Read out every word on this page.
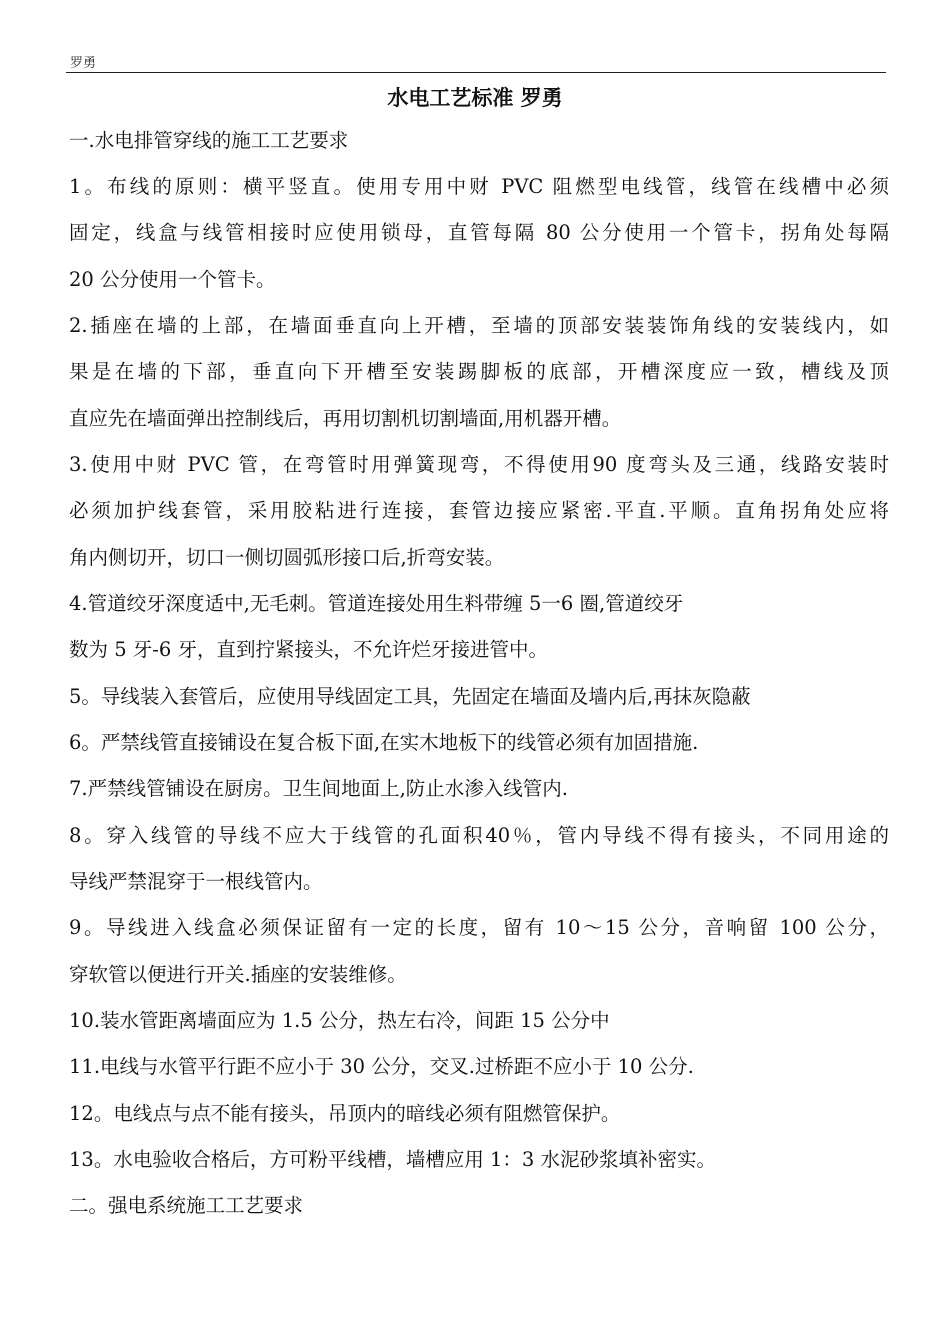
罗勇
水电工艺标准 罗勇
一.水电排管穿线的施工工艺要求
1。布线的原则：横平竖直。使用专用中财 PVC 阻燃型电线管，线管在线槽中必须
固定，线盒与线管相接时应使用锁母，直管每隔 80 公分使用一个管卡，拐角处每隔
20 公分使用一个管卡。
2.插座在墙的上部，在墙面垂直向上开槽，至墙的顶部安装装饰角线的安装线内，如
果是在墙的下部，垂直向下开槽至安装踢脚板的底部，开槽深度应一致，槽线及顶
直应先在墙面弹出控制线后，再用切割机切割墙面,用机器开槽。
3.使用中财 PVC 管，在弯管时用弹簧现弯，不得使用90 度弯头及三通，线路安装时
必须加护线套管，采用胶粘进行连接，套管边接应紧密.平直.平顺。直角拐角处应将
角内侧切开，切口一侧切圆弧形接口后,折弯安装。
4.管道绞牙深度适中,无毛刺。管道连接处用生料带缠 5一6 圈,管道绞牙
数为 5 牙-6 牙，直到拧紧接头，不允许烂牙接进管中。
5。导线装入套管后，应使用导线固定工具，先固定在墙面及墙内后,再抹灰隐蔽
6。严禁线管直接铺设在复合板下面,在实木地板下的线管必须有加固措施.
7.严禁线管铺设在厨房。卫生间地面上,防止水渗入线管内.
8。穿入线管的导线不应大于线管的孔面积40％，管内导线不得有接头，不同用途的
导线严禁混穿于一根线管内。
9。导线进入线盒必须保证留有一定的长度，留有 10～15 公分，音响留 100 公分，
穿软管以便进行开关.插座的安装维修。
10.装水管距离墙面应为 1.5 公分，热左右冷，间距 15 公分中
11.电线与水管平行距不应小于 30 公分，交叉.过桥距不应小于 10 公分.
12。电线点与点不能有接头，吊顶内的暗线必须有阻燃管保护。
13。水电验收合格后，方可粉平线槽，墙槽应用 1：3 水泥砂浆填补密实。
二。强电系统施工工艺要求
